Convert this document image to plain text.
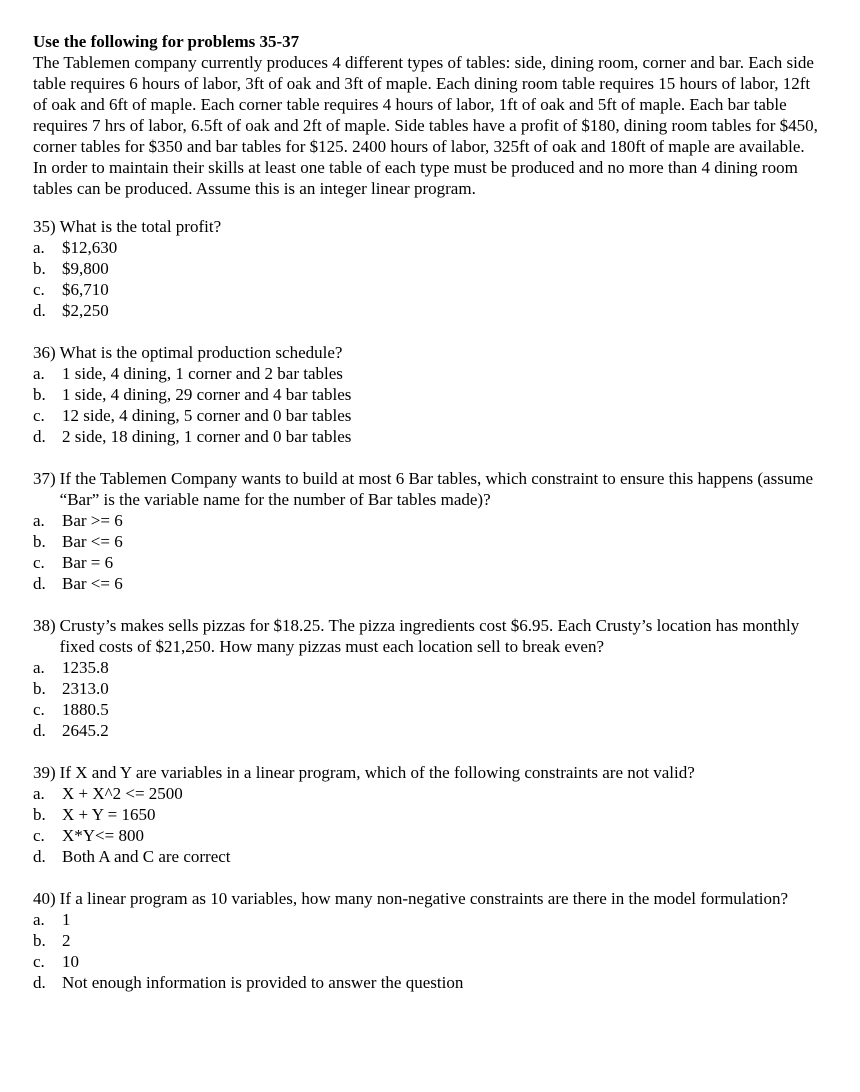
Use the following for problems 35-37

The Tablemen company currently produces 4 different types of tables: side, dining room, corner and bar. Each side table requires 6 hours of labor, 3ft of oak and 3ft of maple. Each dining room table requires 15 hours of labor, 12ft of oak and 6ft of maple. Each corner table requires 4 hours of labor, 1ft of oak and 5ft of maple. Each bar table requires 7 hrs of labor, 6.5ft of oak and 2ft of maple. Side tables have a profit of $180, dining room tables for $450, corner tables for $350 and bar tables for $125. 2400 hours of labor, 325ft of oak and 180ft of maple are available. In order to maintain their skills at least one table of each type must be produced and no more than 4 dining room tables can be produced. Assume this is an integer linear program.

35) What is the total profit?
a.	$12,630
b. $9,800
c.	$6,710
d. $2,250
36) What is the optimal production schedule?
a.	1 side, 4 dining, 1 corner and 2 bar tables
b. 1 side, 4 dining, 29 corner and 4 bar tables
c.	12 side, 4 dining, 5 corner and 0 bar tables
d. 2 side, 18 dining, 1 corner and 0 bar tables
37) If the Tablemen Company wants to build at most 6 Bar tables, which constraint to ensure this happens (assume “Bar” is the variable name for the number of Bar tables made)?
a.	Bar >= 6
b. Bar <= 6
c.	Bar = 6
d. Bar <= 6
38) Crusty’s makes sells pizzas for $18.25. The pizza ingredients cost $6.95. Each Crusty’s location has monthly fixed costs of $21,250. How many pizzas must each location sell to break even?
a.	1235.8
b. 2313.0
c.	1880.5
d. 2645.2
39) If X and Y are variables in a linear program, which of the following constraints are not valid?
a.	X + X^2 <= 2500
b. X + Y = 1650
c.	X*Y<= 800
d. Both A and C are correct
40) If a linear program as 10 variables, how many non-negative constraints are there in the model formulation?
a.	1
b. 2
c.	10
d. Not enough information is provided to answer the question
